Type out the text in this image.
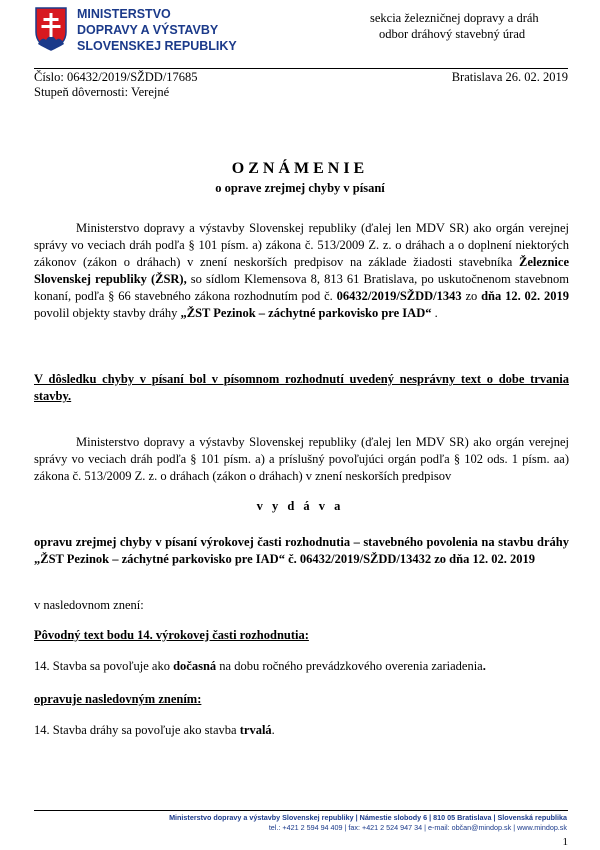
MINISTERSTVO
DOPRAVY A VÝSTAVBY
SLOVENSKEJ REPUBLIKY
sekcia železničnej dopravy a dráh
odbor dráhový stavebný úrad
Číslo: 06432/2019/SŽDD/17685
Stupeň dôvernosti: Verejné
Bratislava 26. 02. 2019
OZNÁMENIE
o oprave zrejmej chyby v písaní
Ministerstvo dopravy a výstavby Slovenskej republiky (ďalej len MDV SR) ako orgán verejnej správy vo veciach dráh podľa § 101 písm. a) zákona č. 513/2009 Z. z. o dráhach a o doplnení niektorých zákonov (zákon o dráhach) v znení neskorších predpisov na základe žiadosti stavebníka Železnice Slovenskej republiky (ŽSR), so sídlom Klemensova 8, 813 61 Bratislava, po uskutočnenom stavebnom konaní, podľa § 66 stavebného zákona rozhodnutím pod č. 06432/2019/SŽDD/1343 zo dňa 12. 02. 2019 povolil objekty stavby dráhy „ŽST Pezinok – záchytné parkovisko pre IAD“ .
V dôsledku chyby v písaní bol v písomnom rozhodnutí uvedený nesprávny text o dobe trvania stavby.
Ministerstvo dopravy a výstavby Slovenskej republiky (ďalej len MDV SR) ako orgán verejnej správy vo veciach dráh podľa § 101 písm. a) a príslušný povoľujúci orgán podľa § 102 ods. 1 písm. aa) zákona č. 513/2009 Z. z. o dráhach (zákon o dráhach) v znení neskorších predpisov
v y d á v a
opravu zrejmej chyby v písaní výrokovej časti rozhodnutia – stavebného povolenia na stavbu dráhy „ŽST Pezinok – záchytné parkovisko pre IAD“ č. 06432/2019/SŽDD/13432 zo dňa 12. 02. 2019
v nasledovnom znení:
Pôvodný text bodu 14. výrokovej časti rozhodnutia:
14. Stavba sa povoľuje ako dočasná na dobu ročného prevádzkového overenia zariadenia.
opravuje nasledovným znením:
14. Stavba dráhy sa povoľuje ako stavba trvalá.
Ministerstvo dopravy a výstavby Slovenskej republiky | Námestie slobody 6 | 810 05 Bratislava | Slovenská republika
tel.: +421 2 594 94 409 | fax: +421 2 524 947 34 | e-mail: občan@mindop.sk | www.mindop.sk
1
